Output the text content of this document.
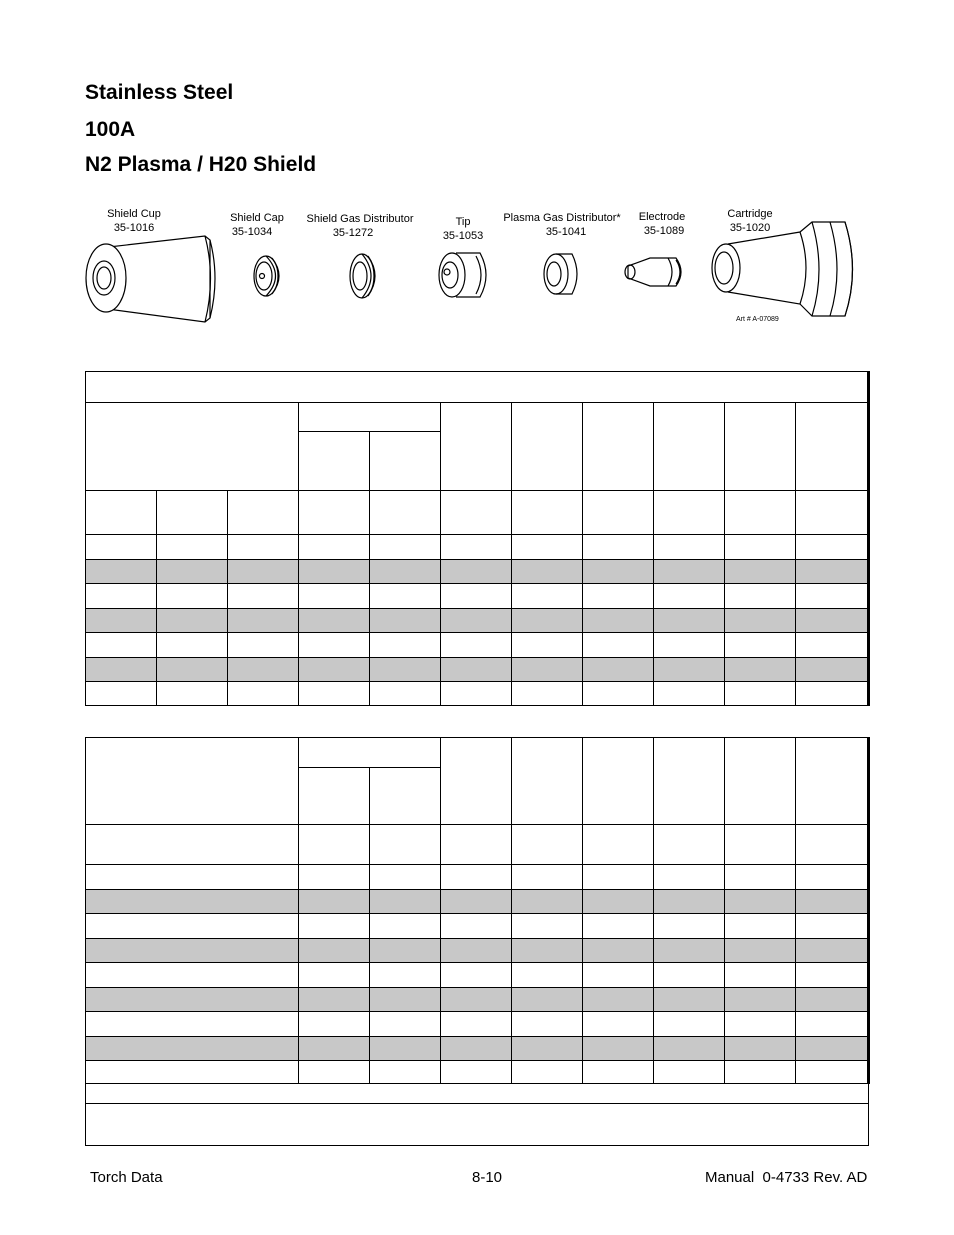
Stainless Steel

100A

N2 Plasma / H20 Shield

Shield Cup
35-1016
Shield Cap
35-1034
Shield Gas Distributor
35-1272
Tip
35-1053
Plasma Gas Distributor*
35-1041
Electrode
35-1089
Cartridge
35-1020
Art # A-07089

Torch Data	8-10	Manual  0-4733 Rev. AD
